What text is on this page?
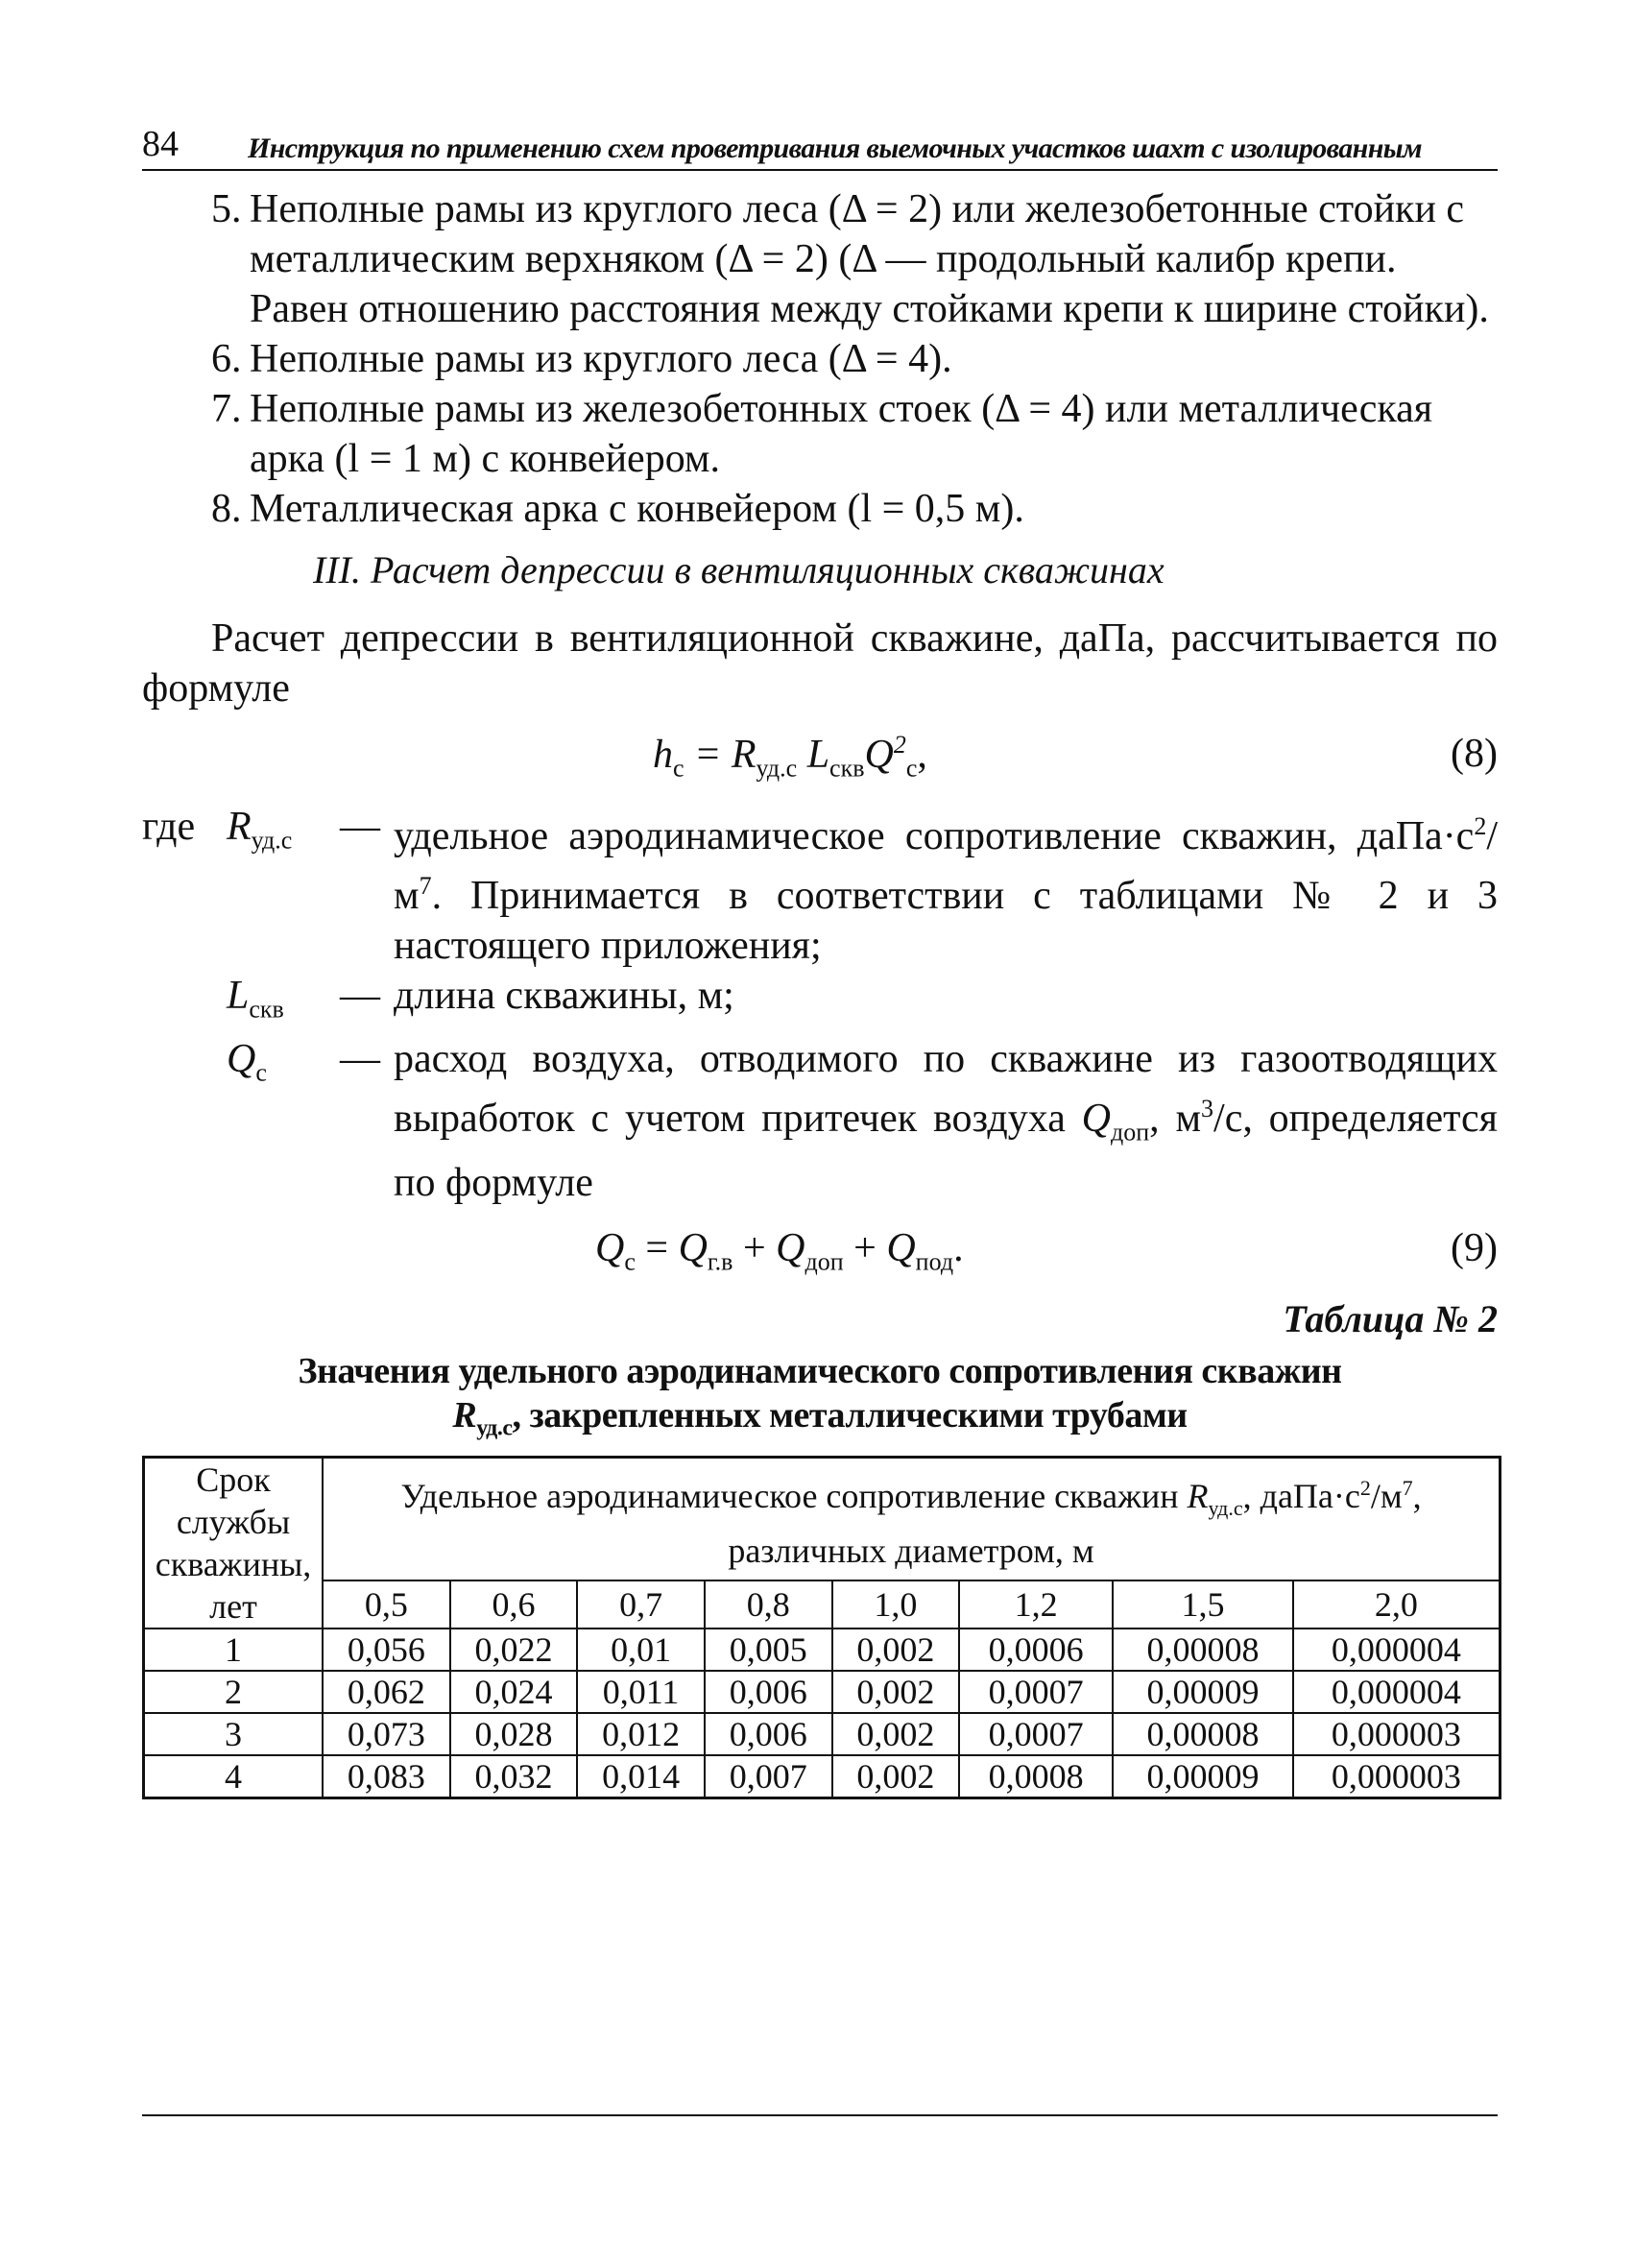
84	Инструкция по применению схем проветривания выемочных участков шахт с изолированным
5. Неполные рамы из круглого леса (Δ = 2) или железобетонные стойки с металлическим верхняком (Δ = 2) (Δ — продольный калибр крепи. Равен отношению расстояния между стойками крепи к ширине стойки).
6. Неполные рамы из круглого леса (Δ = 4).
7. Неполные рамы из железобетонных стоек (Δ = 4) или металлическая арка (l = 1 м) с конвейером.
8. Металлическая арка с конвейером (l = 0,5 м).
III. Расчет депрессии в вентиляционных скважинах
Расчет депрессии в вентиляционной скважине, даПа, рассчитывается по формуле
$h_с = R_{уд.с}$ $L_{скв}Q^2_с$,	(8)
где $R_{уд.с}$	— удельное аэродинамическое сопротивление скважин, $даПа\cdot с^2/м^7$. Принимается в соответствии с таблицами № 2 и 3 настоящего приложения;
$L_{скв}$	— длина скважины, м;
$Q_с$	— расход воздуха, отводимого по скважине из газоотводящих выработок с учетом притечек воздуха $Q_{доп}$, $м^3/с$, определяется по формуле
$Q_с = Q_{г.в} + Q_{доп} + Q_{под}$.	(9)
Таблица № 2
Значения удельного аэродинамического сопротивления скважин
$R_{уд.с}$, закрепленных металлическими трубами
Срок службы скважины, лет	Удельное аэродинамическое сопротивление скважин $R_{уд.с}$, $даПа\cdot с^2/м^7$, различных диаметром, м							
	0,5	0,6	0,7	0,8	1,0	1,2	1,5	2,0
1	0,056	0,022	0,01	0,005	0,002	0,0006	0,00008	0,000004
2	0,062	0,024	0,011	0,006	0,002	0,0007	0,00009	0,000004
3	0,073	0,028	0,012	0,006	0,002	0,0007	0,00008	0,000003
4	0,083	0,032	0,014	0,007	0,002	0,0008	0,00009	0,000003
